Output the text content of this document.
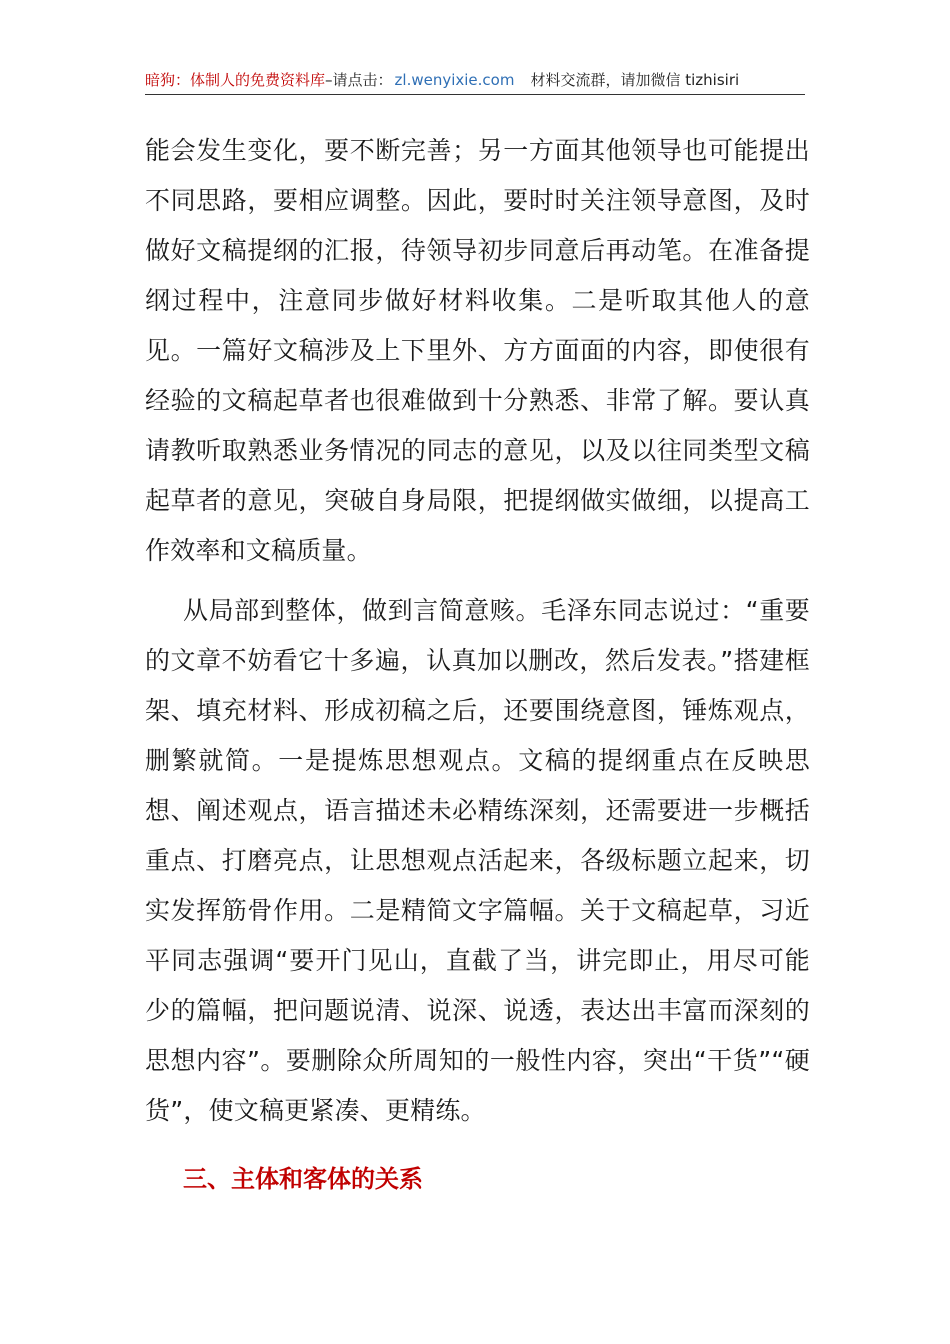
暗狗：体制人的免费资料库–请点击： zl.wenyixie.com 材料交流群，请加微信 tizhisiri

能会发生变化，要不断完善；另一方面其他领导也可能提出不同思路，要相应调整。因此，要时时关注领导意图，及时做好文稿提纲的汇报，待领导初步同意后再动笔。在准备提纲过程中，注意同步做好材料收集。二是听取其他人的意见。一篇好文稿涉及上下里外、方方面面的内容，即使很有经验的文稿起草者也很难做到十分熟悉、非常了解。要认真请教听取熟悉业务情况的同志的意见，以及以往同类型文稿起草者的意见，突破自身局限，把提纲做实做细，以提高工作效率和文稿质量。

从局部到整体，做到言简意赅。毛泽东同志说过：“重要的文章不妨看它十多遍，认真加以删改，然后发表。”搭建框架、填充材料、形成初稿之后，还要围绕意图，锤炼观点，删繁就简。一是提炼思想观点。文稿的提纲重点在反映思想、阐述观点，语言描述未必精练深刻，还需要进一步概括重点、打磨亮点，让思想观点活起来，各级标题立起来，切实发挥筋骨作用。二是精简文字篇幅。关于文稿起草，习近平同志强调“要开门见山，直截了当，讲完即止，用尽可能少的篇幅，把问题说清、说深、说透，表达出丰富而深刻的思想内容”。要删除众所周知的一般性内容，突出“干货”“硬货”，使文稿更紧凑、更精练。

三、主体和客体的关系
